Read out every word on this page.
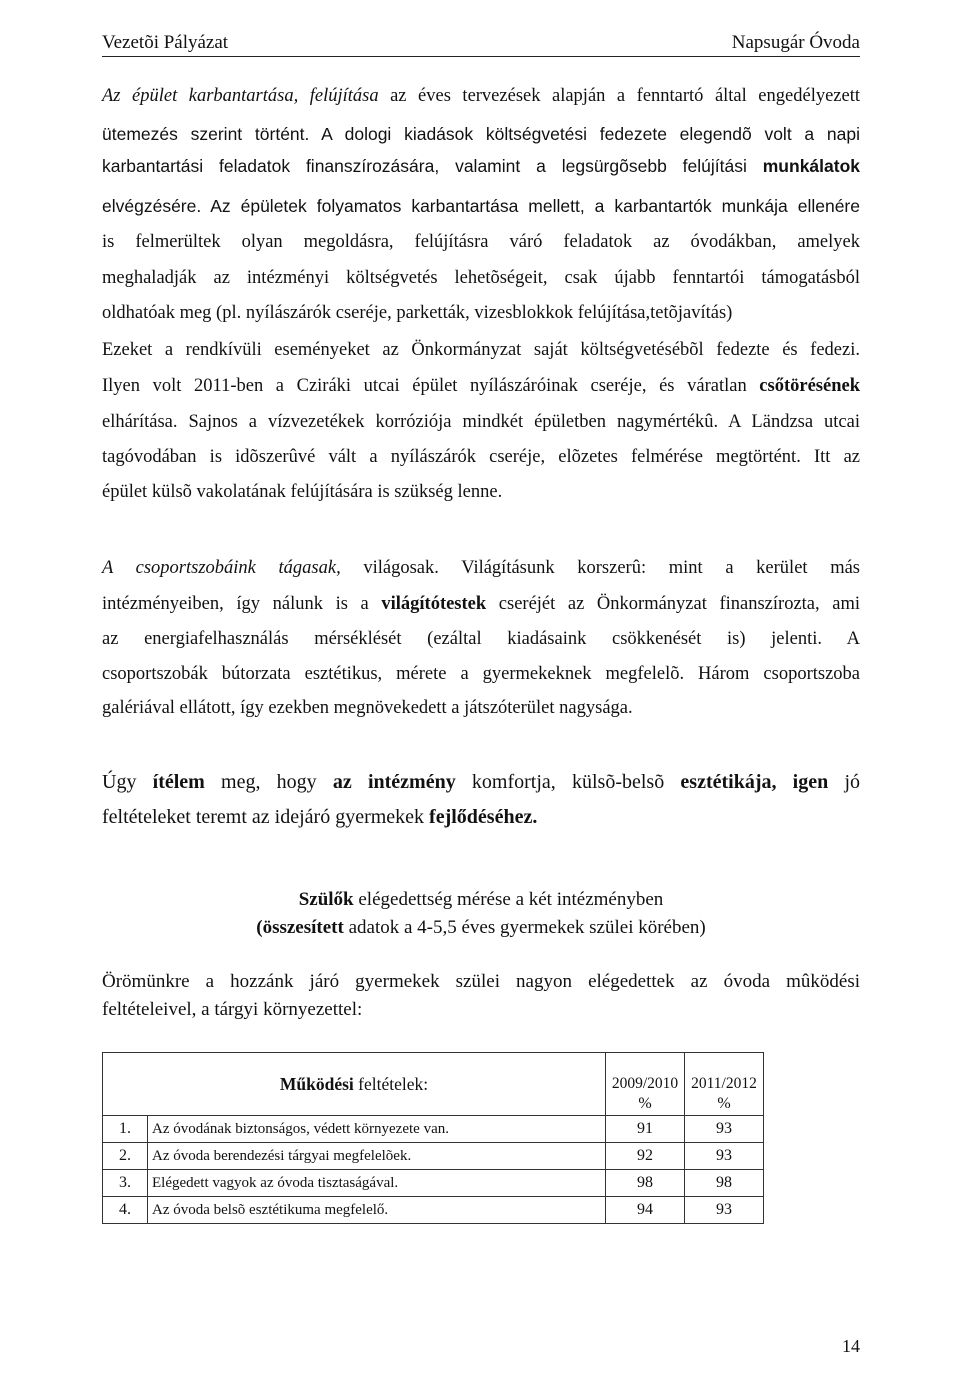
Vezetõi Pályázat	Napsugár Óvoda
Az épület karbantartása, felújítása az éves tervezések alapján a fenntartó által engedélyezett
ütemezés szerint történt. A dologi kiadások költségvetési fedezete elegendõ volt a napi
karbantartási feladatok finanszírozására, valamint a legsürgõsebb felújítási munkálatok
elvégzésére. Az épületek folyamatos karbantartása mellett, a karbantartók munkája ellenére
is felmerültek olyan megoldásra, felújításra váró feladatok az óvodákban, amelyek
meghaladják az intézményi költségvetés lehetõségeit, csak újabb fenntartói támogatásból
oldhatóak meg (pl. nyílászárók cseréje, parketták, vizesblokkok felújítása,tetõjavítás)
Ezeket a rendkívüli eseményeket az Önkormányzat saját költségvetésébõl fedezte és fedezi.
Ilyen volt 2011-ben a Cziráki utcai épület nyílászáróinak cseréje, és váratlan csőtörésének
elhárítása. Sajnos a vízvezetékek korróziója mindkét épületben nagymértékû. A Ländzsa utcai
tagóvodában is idõszerûvé vált a nyílászárók cseréje, elõzetes felmérése megtörtént. Itt az
épület külsõ vakolatának felújítására is szükség lenne.
A csoportszobáink tágasak, világosak. Világításunk korszerû: mint a kerület más
intézményeiben, így nálunk is a világítótestek cseréjét az Önkormányzat finanszírozta, ami
az energiafelhasználás mérséklését (ezáltal kiadásaink csökkenését is) jelenti. A
csoportszobák bútorzata esztétikus, mérete a gyermekeknek megfelelõ. Három csoportszoba
galériával ellátott, így ezekben megnövekedett a játszóterület nagysága.
Úgy ítélem meg, hogy az intézmény komfortja, külsõ-belsõ esztétikája, igen jó
feltételeket teremt az idejáró gyermekek fejlődéséhez.
Szülők elégedettség mérése a két intézményben
(összesített adatok a 4-5,5 éves gyermekek szülei körében)
Örömünkre a hozzánk járó gyermekek szülei nagyon elégedettek az óvoda mûködési
feltételeivel, a tárgyi környezettel:
Működési feltételek:		2009/2010	2011/2012
		%	%
1.	Az óvodának biztonságos, védett környezete van.	91	93
2.	Az óvoda berendezési tárgyai megfelelõek.	92	93
3.	Elégedett vagyok az óvoda tisztaságával.	98	98
4.	Az óvoda belsõ esztétikuma megfelelő.	94	93
14
